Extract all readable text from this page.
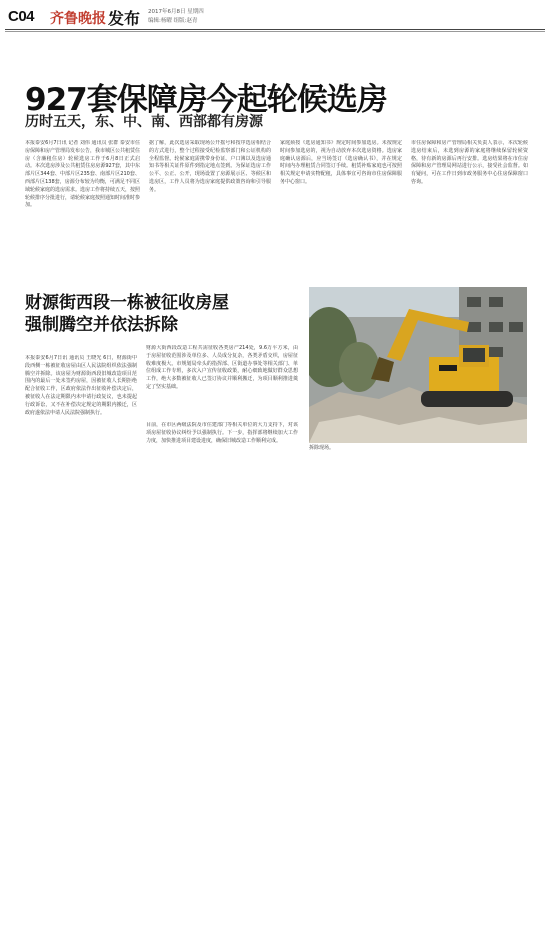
C04 齐鲁晚报 发布 2017年6月8日 星期四
编辑:杨曜 组版:赵青
927套保障房今起轮候选房
历时五天，东、中、南、西部都有房源
本报泰安6月7日讯 记者 刘伟 通讯员 张群 泰安市住房保障和房产管理局发布公告，我市城区公共租赁住房（含廉租住房）轮候选房工作于6月8日正式启动。本次选房涉及公共租赁住房房源927套，其中东部片区344套、中部片区235套、南部片区210套、西部片区138套，房源分布较为均衡，可满足不同区域轮候家庭的选房需求。选房工作将持续五天，按照轮候排序分批进行，请轮候家庭按照通知时间准时参加。
据了解，此次选房采取现场公开摇号和按序选房相结合的方式进行，整个过程接受纪检监察部门和公证机构的全程监督。轮候家庭需携带身份证、户口簿以及选房通知书等相关证件原件到指定地点签到。为保证选房工作公平、公正、公开，现场设置了房源展示区、等候区和选房区，工作人员将为选房家庭提供政策咨询和引导服务。
家庭须按《选房通知书》规定时间参加选房。未按规定时间参加选房的，视为自动放弃本次选房资格。选房家庭确认房源后，应当场签订《选房确认书》，并在规定时间内办理租赁合同签订手续。租赁补贴家庭也可按照相关规定申请实物配租，具体事宜可咨询市住房保障服务中心窗口。
市住房保障和房产管理局相关负责人表示，本次轮候选房结束后，未选到房源的家庭将继续保留轮候资格，待有新的房源后再行安排。选房结果将在市住房保障和房产管理局网站进行公示，接受社会监督。如有疑问，可在工作日到市政务服务中心住房保障窗口咨询。
财源街西段一栋被征收房屋
强制腾空并依法拆除
本报泰安6月7日讯 通讯员 王晓光 6日，财源街中段西侧一栋被征收房屋由区人民法院组织依法强制腾空并拆除。该房屋为财源街西段旧城改造项目范围内的最后一处未签约房屋，因被征收人长期拒绝配合征收工作，区政府依法作出征收补偿决定后，被征收人在法定期限内未申请行政复议，也未提起行政诉讼，又不在补偿决定规定的期限内搬迁，区政府遂依法申请人民法院强制执行。
财源大街西段改造工程共需征收各类房产214处，9.6万平方米，由于房屋征收范围涉及单位多、人员成分复杂，各类矛盾交织，房屋征收难度极大。市规划局牵头的指挥部、区街道办事处等相关部门、单位组成工作专班，多次入户宣传征收政策，耐心细致地做好群众思想工作，绝大多数被征收人已签订协议并顺利搬迁，为项目顺利推进奠定了坚实基础。
目前，在市区两级法院及市住建部门等相关单位的大力支持下，对该项房屋征收协议纠纷予以强制执行。下一步，指挥部将继续加大工作力度，加快推进项目建设进度，确保旧城改造工作顺利完成。
拆除现场。
